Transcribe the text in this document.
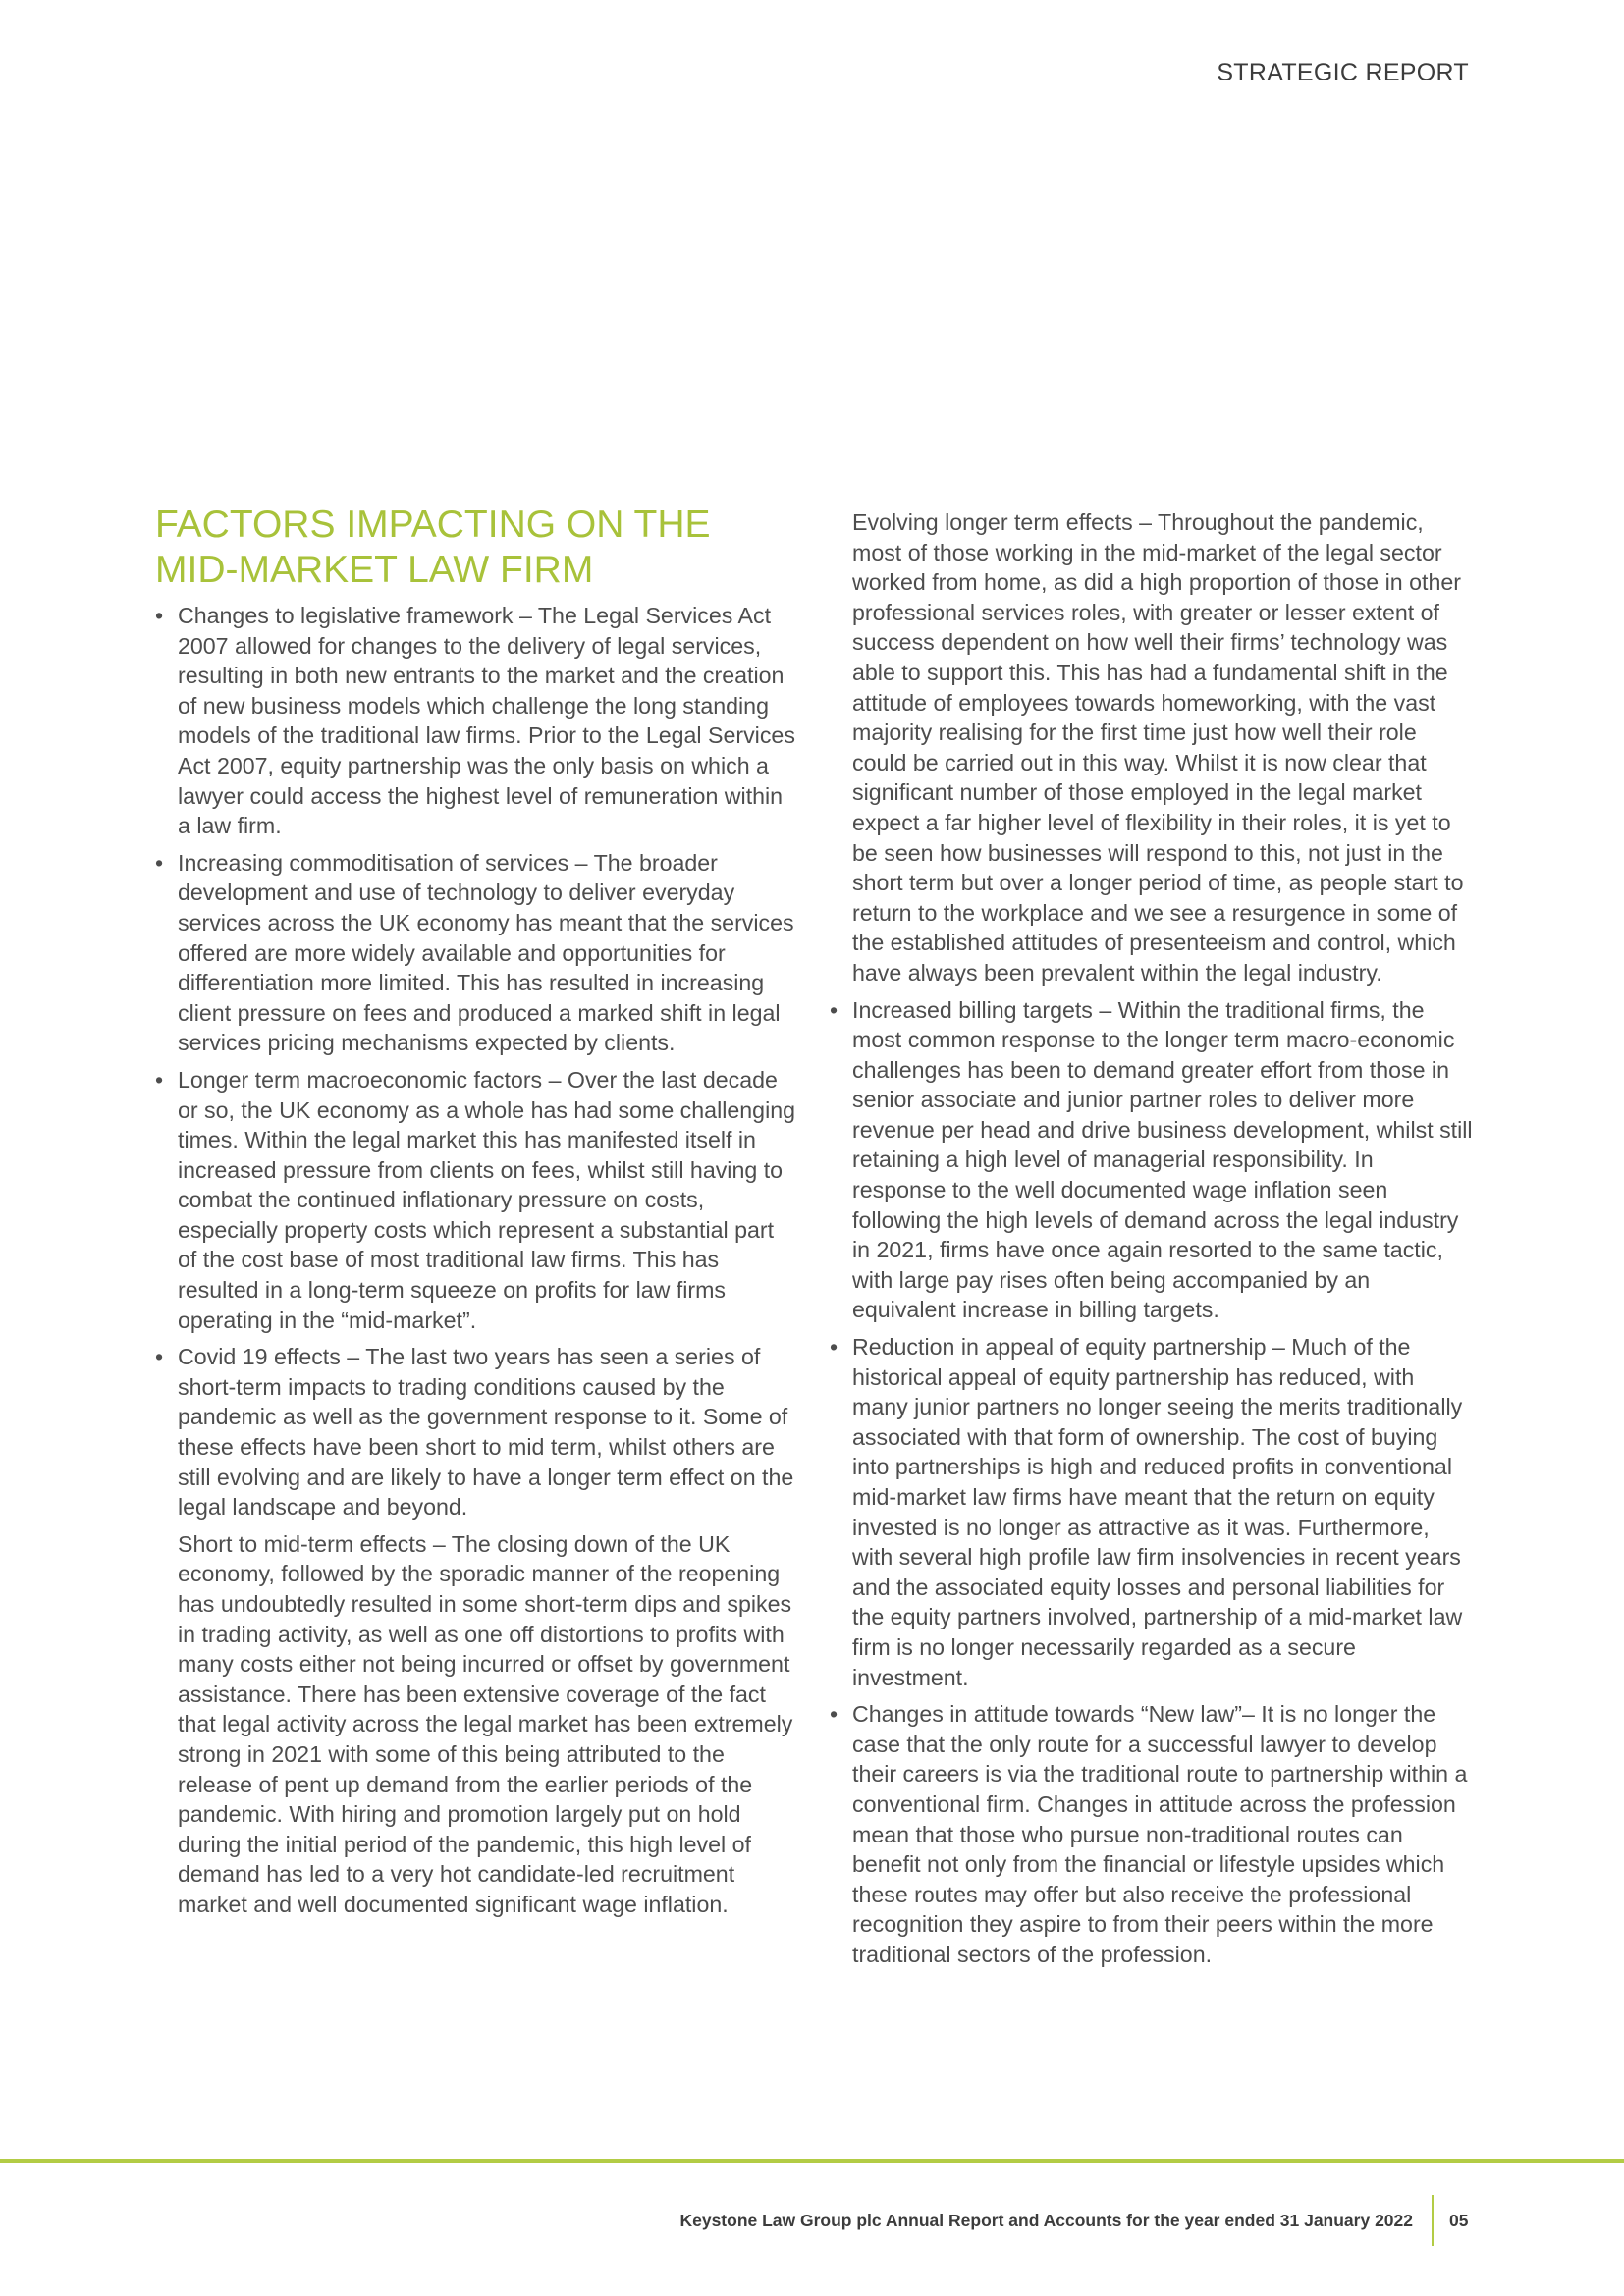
STRATEGIC REPORT
FACTORS IMPACTING ON THE
MID-MARKET LAW FIRM
• Changes to legislative framework – The Legal Services Act 2007 allowed for changes to the delivery of legal services, resulting in both new entrants to the market and the creation of new business models which challenge the long standing models of the traditional law firms. Prior to the Legal Services Act 2007, equity partnership was the only basis on which a lawyer could access the highest level of remuneration within a law firm.
• Increasing commoditisation of services – The broader development and use of technology to deliver everyday services across the UK economy has meant that the services offered are more widely available and opportunities for differentiation more limited. This has resulted in increasing client pressure on fees and produced a marked shift in legal services pricing mechanisms expected by clients.
• Longer term macroeconomic factors – Over the last decade or so, the UK economy as a whole has had some challenging times. Within the legal market this has manifested itself in increased pressure from clients on fees, whilst still having to combat the continued inflationary pressure on costs, especially property costs which represent a substantial part of the cost base of most traditional law firms. This has resulted in a long-term squeeze on profits for law firms operating in the “mid-market”.
• Covid 19 effects – The last two years has seen a series of short-term impacts to trading conditions caused by the pandemic as well as the government response to it. Some of these effects have been short to mid term, whilst others are still evolving and are likely to have a longer term effect on the legal landscape and beyond.

Short to mid-term effects – The closing down of the UK economy, followed by the sporadic manner of the reopening has undoubtedly resulted in some short-term dips and spikes in trading activity, as well as one off distortions to profits with many costs either not being incurred or offset by government assistance. There has been extensive coverage of the fact that legal activity across the legal market has been extremely strong in 2021 with some of this being attributed to the release of pent up demand from the earlier periods of the pandemic. With hiring and promotion largely put on hold during the initial period of the pandemic, this high level of demand has led to a very hot candidate-led recruitment market and well documented significant wage inflation.

Evolving longer term effects – Throughout the pandemic, most of those working in the mid-market of the legal sector worked from home, as did a high proportion of those in other professional services roles, with greater or lesser extent of success dependent on how well their firms’ technology was able to support this. This has had a fundamental shift in the attitude of employees towards homeworking, with the vast majority realising for the first time just how well their role could be carried out in this way. Whilst it is now clear that significant number of those employed in the legal market expect a far higher level of flexibility in their roles, it is yet to be seen how businesses will respond to this, not just in the short term but over a longer period of time, as people start to return to the workplace and we see a resurgence in some of the established attitudes of presenteeism and control, which have always been prevalent within the legal industry.

• Increased billing targets – Within the traditional firms, the most common response to the longer term macro-economic challenges has been to demand greater effort from those in senior associate and junior partner roles to deliver more revenue per head and drive business development, whilst still retaining a high level of managerial responsibility. In response to the well documented wage inflation seen following the high levels of demand across the legal industry in 2021, firms have once again resorted to the same tactic, with large pay rises often being accompanied by an equivalent increase in billing targets.
• Reduction in appeal of equity partnership – Much of the historical appeal of equity partnership has reduced, with many junior partners no longer seeing the merits traditionally associated with that form of ownership. The cost of buying into partnerships is high and reduced profits in conventional mid-market law firms have meant that the return on equity invested is no longer as attractive as it was. Furthermore, with several high profile law firm insolvencies in recent years and the associated equity losses and personal liabilities for the equity partners involved, partnership of a mid-market law firm is no longer necessarily regarded as a secure investment.
• Changes in attitude towards “New law”– It is no longer the case that the only route for a successful lawyer to develop their careers is via the traditional route to partnership within a conventional firm. Changes in attitude across the profession mean that those who pursue non-traditional routes can benefit not only from the financial or lifestyle upsides which these routes may offer but also receive the professional recognition they aspire to from their peers within the more traditional sectors of the profession.
Keystone Law Group plc Annual Report and Accounts for the year ended 31 January 2022 05
